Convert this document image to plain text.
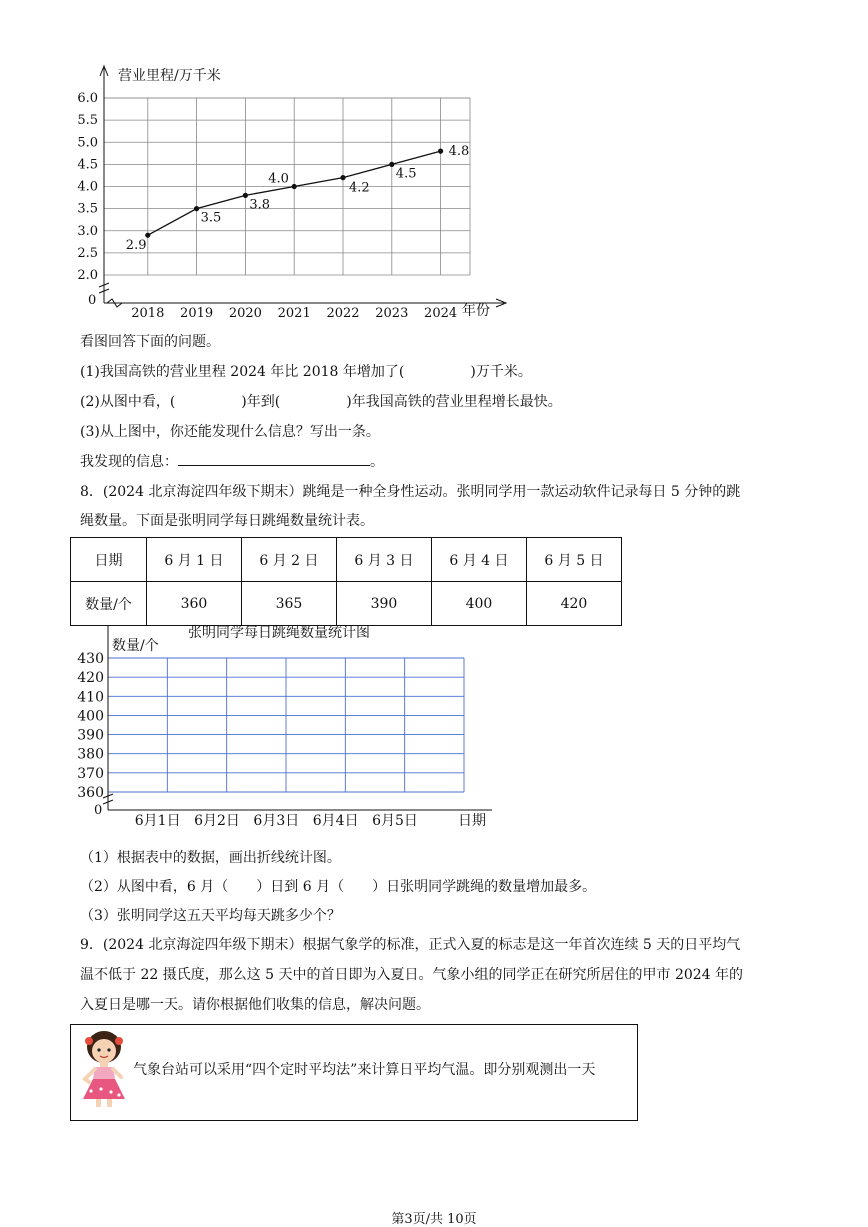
2.0
2.5
3.0
3.5
4.0
4.5
5.0
5.5
6.0
2018 2019 2020 2021 2022 2023 2024
2.9
3.5
3.8
4.0
4.2
4.5
4.8
营业里程/万千米
年份
0
看图回答下面的问题。
(1)我国高铁的营业里程 2024 年比 2018 年增加了(	)万千米。
(2)从图中看，(	)年到(	)年我国高铁的营业里程增长最快。
(3)从上图中，你还能发现什么信息？写出一条。
我发现的信息：	。
8．(2024 北京海淀四年级下期末）跳绳是一种全身性运动。张明同学用一款运动软件记录每日 5 分钟的跳
绳数量。下面是张明同学每日跳绳数量统计表。
日期	6 月 1 日	6 月 2 日	6 月 3 日	6 月 4 日	6 月 5 日
数量/个	360	365	390	400	420
张明同学每日跳绳数量统计图
数量/个
360
370
380
390
400
410
420
430
6月1日 6月2日 6月3日 6月4日 6月5日	日期
0
（1）根据表中的数据，画出折线统计图。
（2）从图中看，6 月（　　）日到 6 月（　　）日张明同学跳绳的数量增加最多。
（3）张明同学这五天平均每天跳多少个？
9．(2024 北京海淀四年级下期末）根据气象学的标准，正式入夏的标志是这一年首次连续 5 天的日平均气
温不低于 22 摄氏度，那么这 5 天中的首日即为入夏日。气象小组的同学正在研究所居住的甲市 2024 年的
入夏日是哪一天。请你根据他们收集的信息，解决问题。
气象台站可以采用“四个定时平均法”来计算日平均气温。即分别观测出一天
第3页/共 10页
